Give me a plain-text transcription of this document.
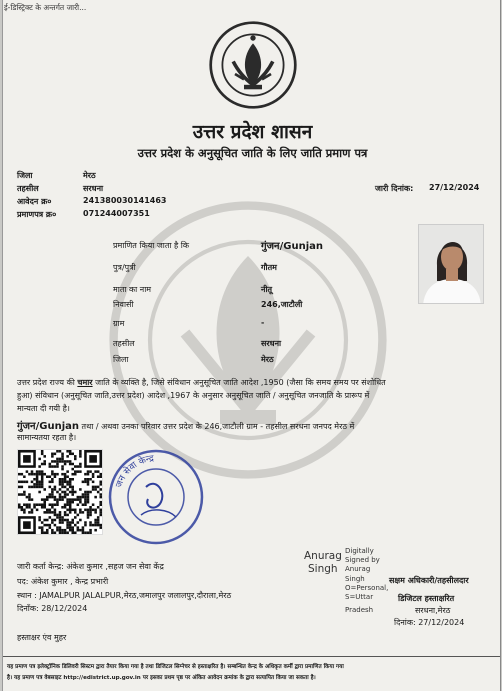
ई-डिस्ट्रिक्ट के अन्तर्गत जारी...
उत्तर प्रदेश शासन
उत्तर प्रदेश के अनुसूचित जाति के लिए जाति प्रमाण पत्र
जिला	मेरठ
तहसील	सरधना
आवेदन क्र०	241380030141463
प्रमाणपत्र क्र०	071244007351
जारी दिनांक: 27/12/2024
प्रमाणित किया जाता है कि	गुंजन/Gunjan
पुत्र/पुत्री	गौतम
माता का नाम	नीतू
निवासी	246,जाटौली
ग्राम	-
तहसील	सरधना
जिला	मेरठ
उत्तर प्रदेश राज्य की चमार जाति के व्यक्ति है, जिसे संविधान अनुसूचित जाति आदेश ,1950 (जैसा कि समय समय पर संशोधित
हुआ) संविधान (अनुसूचित जाति,उत्तर प्रदेश) आदेश ,1967 के अनुसार अनुसूचित जाति / अनुसूचित जनजाति के प्रारूप में
मान्यता दी गयी है।
गुंजन/Gunjan तथा / अथवा उनका परिवार उत्तर प्रदेश के 246,जाटौली ग्राम - तहसील सरधना जनपद मेरठ में
सामान्यतया रहता है।
जन सेवा केन्द्र
जारी कर्ता केन्द्र: अंकेश कुमार ,सहज जन सेवा केंद्र
पद: अंकेश कुमार , केन्द्र प्रभारी
स्थान : JAMALPUR JALALPUR,मेरठ,जमालपुर जलालपुर,दौराला,मेरठ
दिनाँक: 28/12/2024
Anurag
Singh
Digitally
Signed by
Anurag
Singh
O=Personal,
S=Uttar
Pradesh
सक्षम अधिकारी/तहसीलदार
डिजिटल हस्ताक्षरित
सरधना,मेरठ
दिनांक: 27/12/2024
हस्ताक्षर एंव मुहर
यह प्रमाण पत्र इलेक्ट्रॉनिक डिलिवरी सिस्टम द्वारा तैयार किया गया है तथा डिजिटल सिग्नेचर से हस्ताक्षरित है। सम्बन्धित केन्द्र के अधिकृत कर्मी द्वारा प्रमाणित किया गया
है। यह प्रमाण पत्र वेबसाइट http://edistrict.up.gov.in पर इसका प्रथम पृष्ठ पर अंकित आवेदन क्रमांक के द्वारा सत्यापित किया जा सकता है।
